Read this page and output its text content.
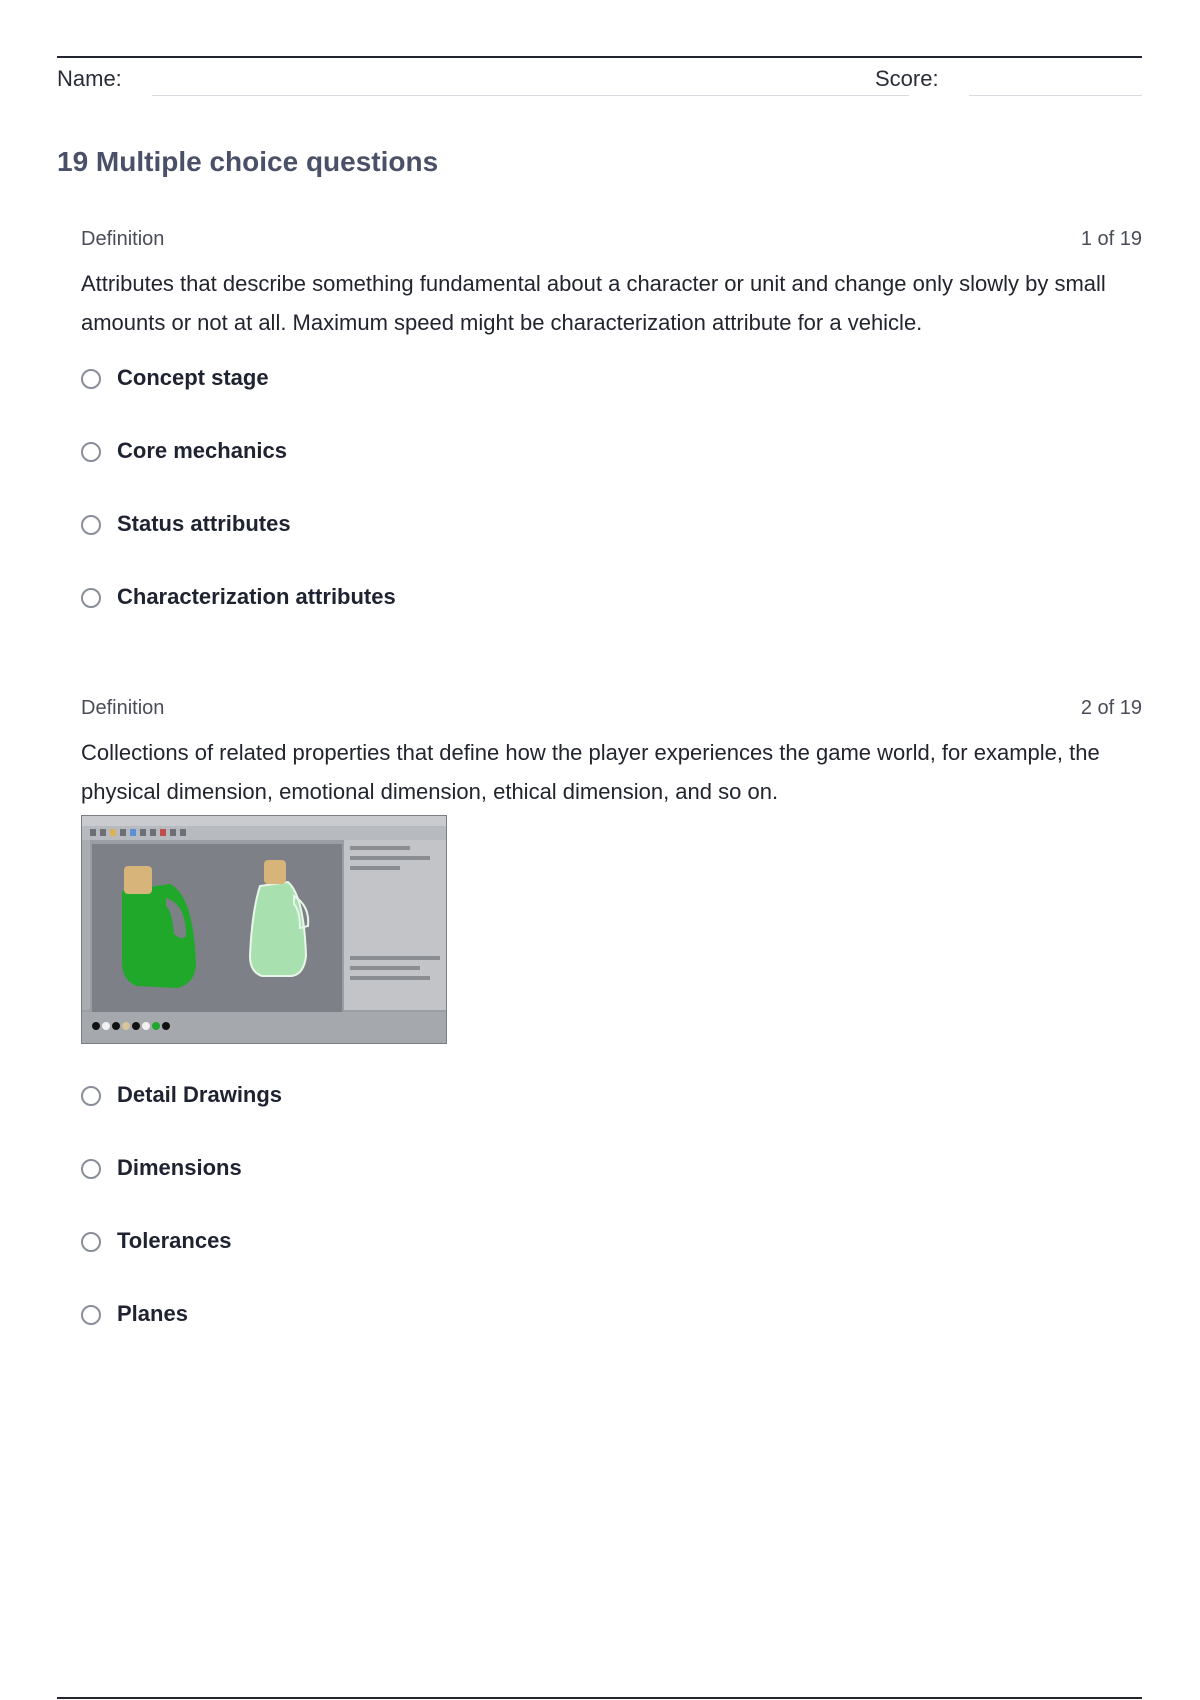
Name:	Score:
19 Multiple choice questions
Definition	1 of 19

Attributes that describe something fundamental about a character or unit and change only slowly by small amounts or not at all. Maximum speed might be characterization attribute for a vehicle.

Concept stage
Core mechanics
Status attributes
Characterization attributes
Definition	2 of 19

Collections of related properties that define how the player experiences the game world, for example, the physical dimension, emotional dimension, ethical dimension, and so on.

Detail Drawings
Dimensions
Tolerances
Planes
